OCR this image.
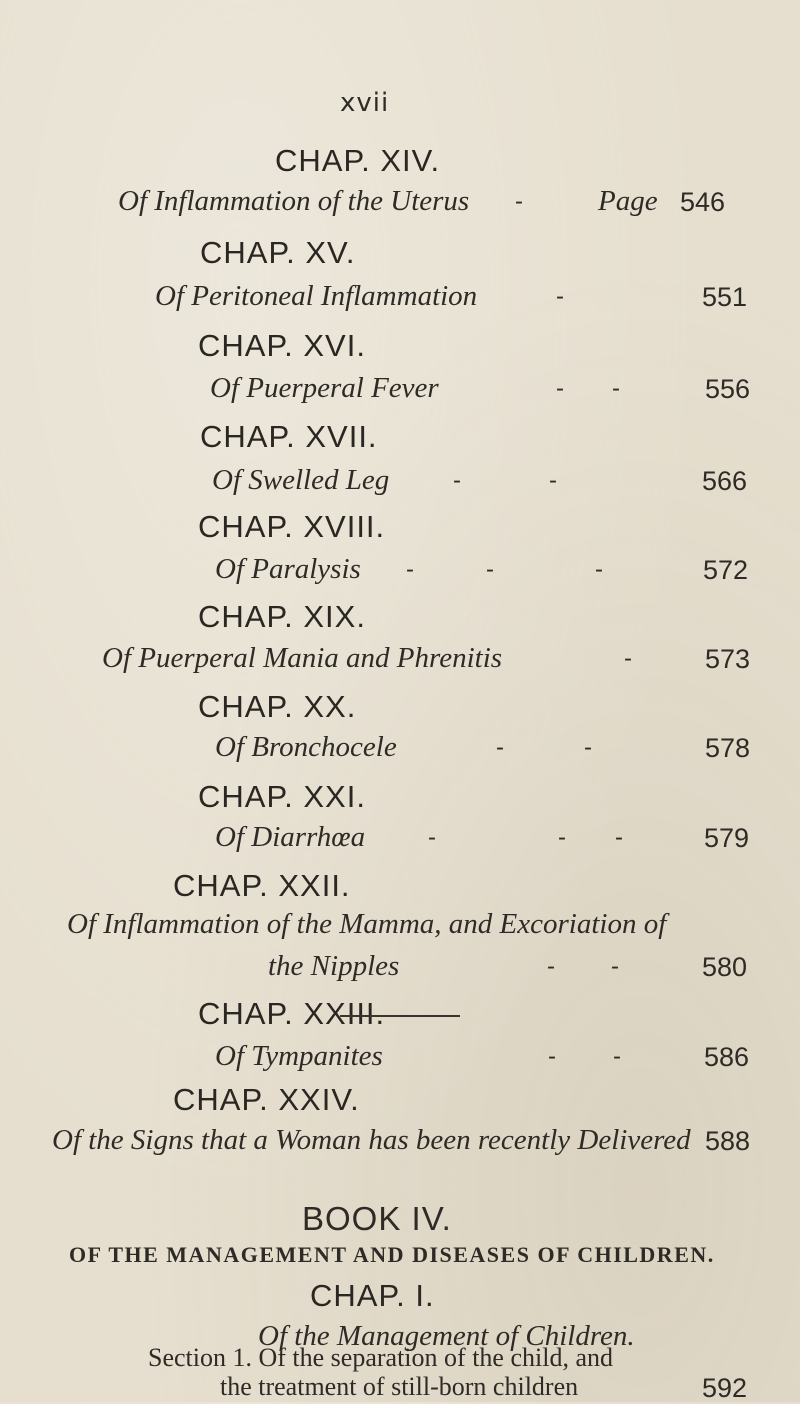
xvii
CHAP. XIV.
Of Inflammation of the Uterus -	Page 546
CHAP. XV.
Of Peritoneal Inflammation	-	551
CHAP. XVI.
Of Puerperal Fever	- -	556
CHAP. XVII.
Of Swelled Leg	-	-	566
CHAP. XVIII.
Of Paralysis -	-	-	572
CHAP. XIX.
Of Puerperal Mania and Phrenitis	-	573
CHAP. XX.
Of Bronchocele	-	-	578
CHAP. XXI.
Of Diarrhœa	-	- -	579
CHAP. XXII.
Of Inflammation of the Mamma, and Excoriation of
the Nipples	- -	580
CHAP. XXIII.
Of Tympanites	- -	586
CHAP. XXIV.
Of the Signs that a Woman has been recently Delivered 588
BOOK IV.
OF THE MANAGEMENT AND DISEASES OF CHILDREN.
CHAP. I.
Of the Management of Children.
Section 1. Of the separation of the child, and
the treatment of still-born children	592
